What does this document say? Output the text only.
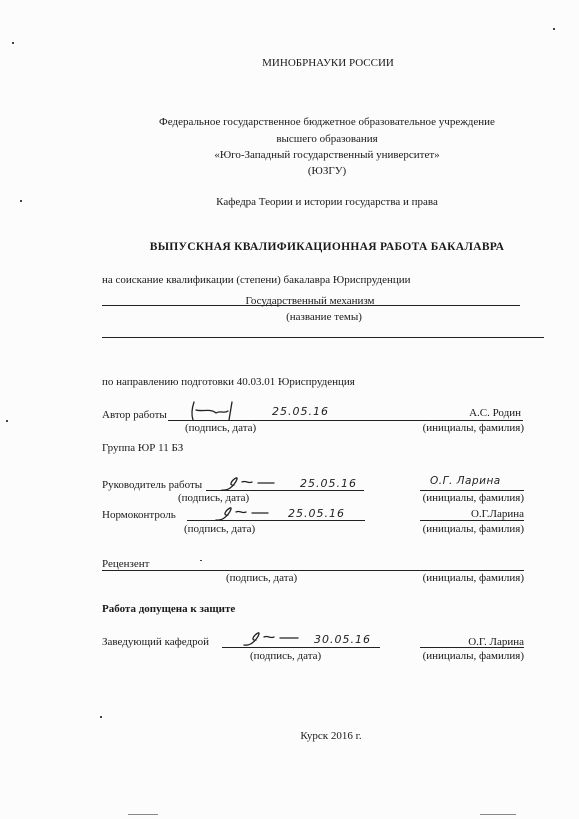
МИНОБРНАУКИ РОССИИ
Федеральное государственное бюджетное образовательное учреждение
высшего образования
«Юго-Западный государственный университет»
(ЮЗГУ)
Кафедра Теории и истории государства и права
ВЫПУСКНАЯ КВАЛИФИКАЦИОННАЯ РАБОТА БАКАЛАВРА
на соискание квалификации (степени) бакалавра Юриспруденции
Государственный механизм
(название темы)
по направлению подготовки 40.03.01 Юриспруденция
Автор работы	25.05.16	А.С. Родин
(подпись, дата)	(инициалы, фамилия)
Группа ЮР 11 БЗ
Руководитель работы	25.05.16	О.Г. Ларина
(подпись, дата)	(инициалы, фамилия)
Нормоконтроль	25.05.16	О.Г.Ларина
(подпись, дата)	(инициалы, фамилия)
Рецензент
(подпись, дата)	(инициалы, фамилия)
Работа допущена к защите
Заведующий кафедрой	30.05.16	О.Г. Ларина
(подпись, дата)	(инициалы, фамилия)
Курск 2016 г.
